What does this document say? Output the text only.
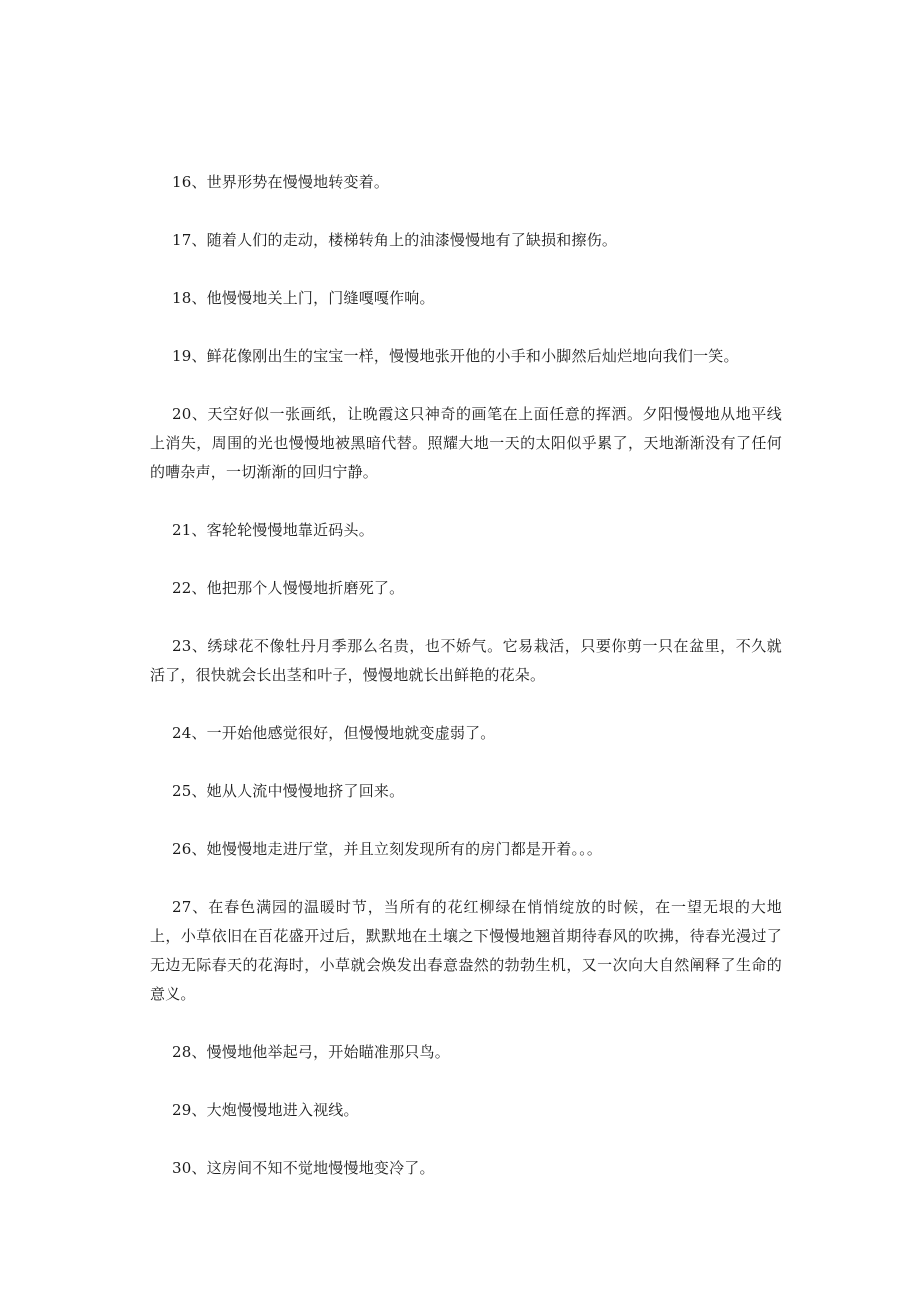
16、世界形势在慢慢地转变着。

17、随着人们的走动，楼梯转角上的油漆慢慢地有了缺损和擦伤。

18、他慢慢地关上门，门缝嘎嘎作响。

19、鲜花像刚出生的宝宝一样，慢慢地张开他的小手和小脚然后灿烂地向我们一笑。

20、天空好似一张画纸，让晚霞这只神奇的画笔在上面任意的挥洒。夕阳慢慢地从地平线上消失，周围的光也慢慢地被黑暗代替。照耀大地一天的太阳似乎累了，天地渐渐没有了任何的嘈杂声，一切渐渐的回归宁静。

21、客轮轮慢慢地靠近码头。

22、他把那个人慢慢地折磨死了。

23、绣球花不像牡丹月季那么名贵，也不娇气。它易栽活，只要你剪一只在盆里，不久就活了，很快就会长出茎和叶子，慢慢地就长出鲜艳的花朵。

24、一开始他感觉很好，但慢慢地就变虚弱了。

25、她从人流中慢慢地挤了回来。

26、她慢慢地走进厅堂，并且立刻发现所有的房门都是开着。。。

27、在春色满园的温暖时节，当所有的花红柳绿在悄悄绽放的时候，在一望无垠的大地上，小草依旧在百花盛开过后，默默地在土壤之下慢慢地翘首期待春风的吹拂，待春光漫过了无边无际春天的花海时，小草就会焕发出春意盎然的勃勃生机，又一次向大自然阐释了生命的意义。

28、慢慢地他举起弓，开始瞄准那只鸟。

29、大炮慢慢地进入视线。

30、这房间不知不觉地慢慢地变冷了。
